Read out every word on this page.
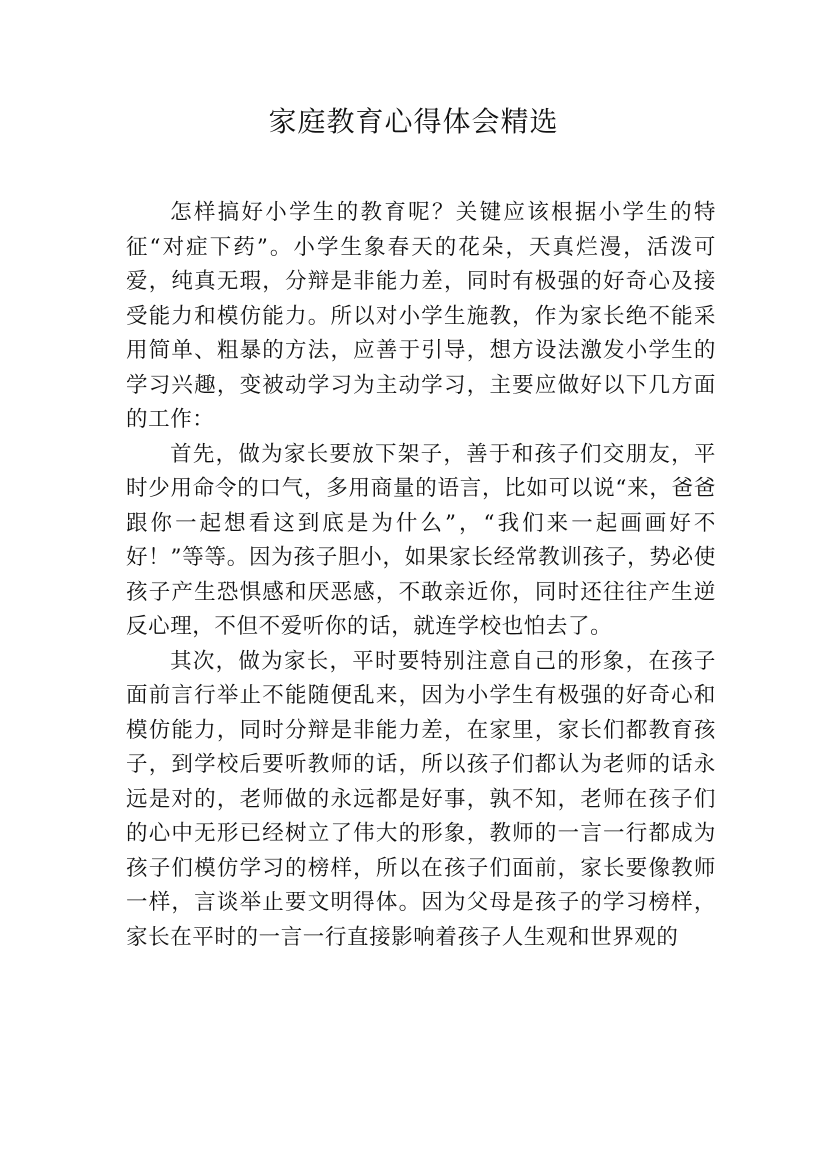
家庭教育心得体会精选

怎样搞好小学生的教育呢？关键应该根据小学生的特征“对症下药”。小学生象春天的花朵，天真烂漫，活泼可爱，纯真无瑕，分辩是非能力差，同时有极强的好奇心及接受能力和模仿能力。所以对小学生施教，作为家长绝不能采用简单、粗暴的方法，应善于引导，想方设法激发小学生的学习兴趣，变被动学习为主动学习，主要应做好以下几方面的工作：

首先，做为家长要放下架子，善于和孩子们交朋友，平时少用命令的口气，多用商量的语言，比如可以说“来，爸爸跟你一起想看这到底是为什么”，“我们来一起画画好不好！”等等。因为孩子胆小，如果家长经常教训孩子，势必使孩子产生恐惧感和厌恶感，不敢亲近你，同时还往往产生逆反心理，不但不爱听你的话，就连学校也怕去了。

其次，做为家长，平时要特别注意自己的形象，在孩子面前言行举止不能随便乱来，因为小学生有极强的好奇心和模仿能力，同时分辩是非能力差，在家里，家长们都教育孩子，到学校后要听教师的话，所以孩子们都认为老师的话永远是对的，老师做的永远都是好事，孰不知，老师在孩子们的心中无形已经树立了伟大的形象，教师的一言一行都成为孩子们模仿学习的榜样，所以在孩子们面前，家长要像教师一样，言谈举止要文明得体。因为父母是孩子的学习榜样，家长在平时的一言一行直接影响着孩子人生观和世界观的
